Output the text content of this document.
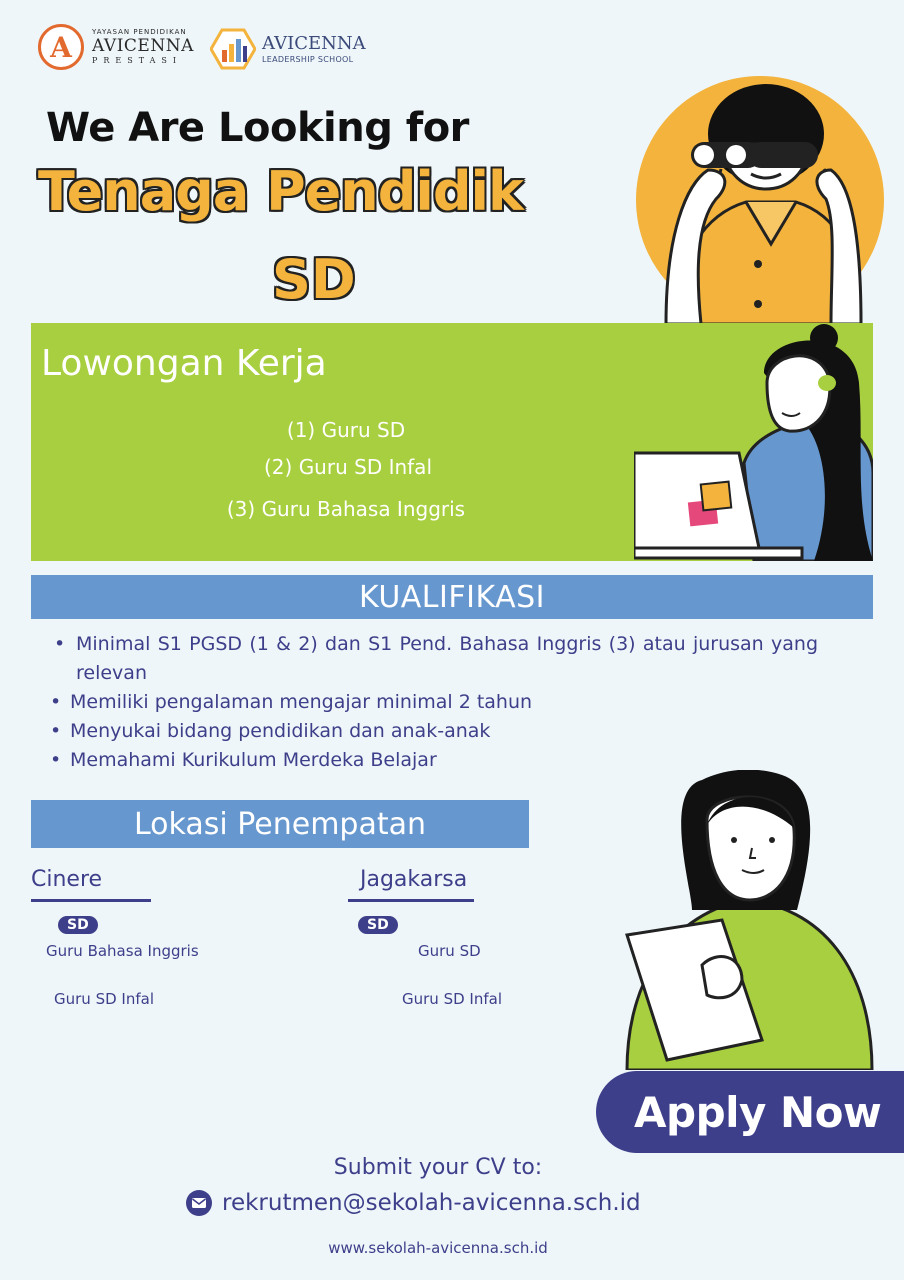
A	YAYASAN PENDIDIKAN
AVICENNA
PRESTASI
AVICENNA
LEADERSHIP SCHOOL
We Are Looking for
Tenaga Pendidik
SD
Lowongan Kerja
(1) Guru SD
(2) Guru SD Infal
(3) Guru Bahasa Inggris
KUALIFIKASI
• Minimal S1 PGSD (1 & 2) dan S1 Pend. Bahasa Inggris (3) atau jurusan yang relevan
• Memiliki pengalaman mengajar minimal 2 tahun
• Menyukai bidang pendidikan dan anak-anak
• Memahami Kurikulum Merdeka Belajar
Lokasi Penempatan
Cinere
SD
Guru Bahasa Inggris
Guru SD Infal
Jagakarsa
SD
Guru SD
Guru SD Infal
Apply Now
Submit your CV to:
rekrutmen@sekolah-avicenna.sch.id
www.sekolah-avicenna.sch.id
